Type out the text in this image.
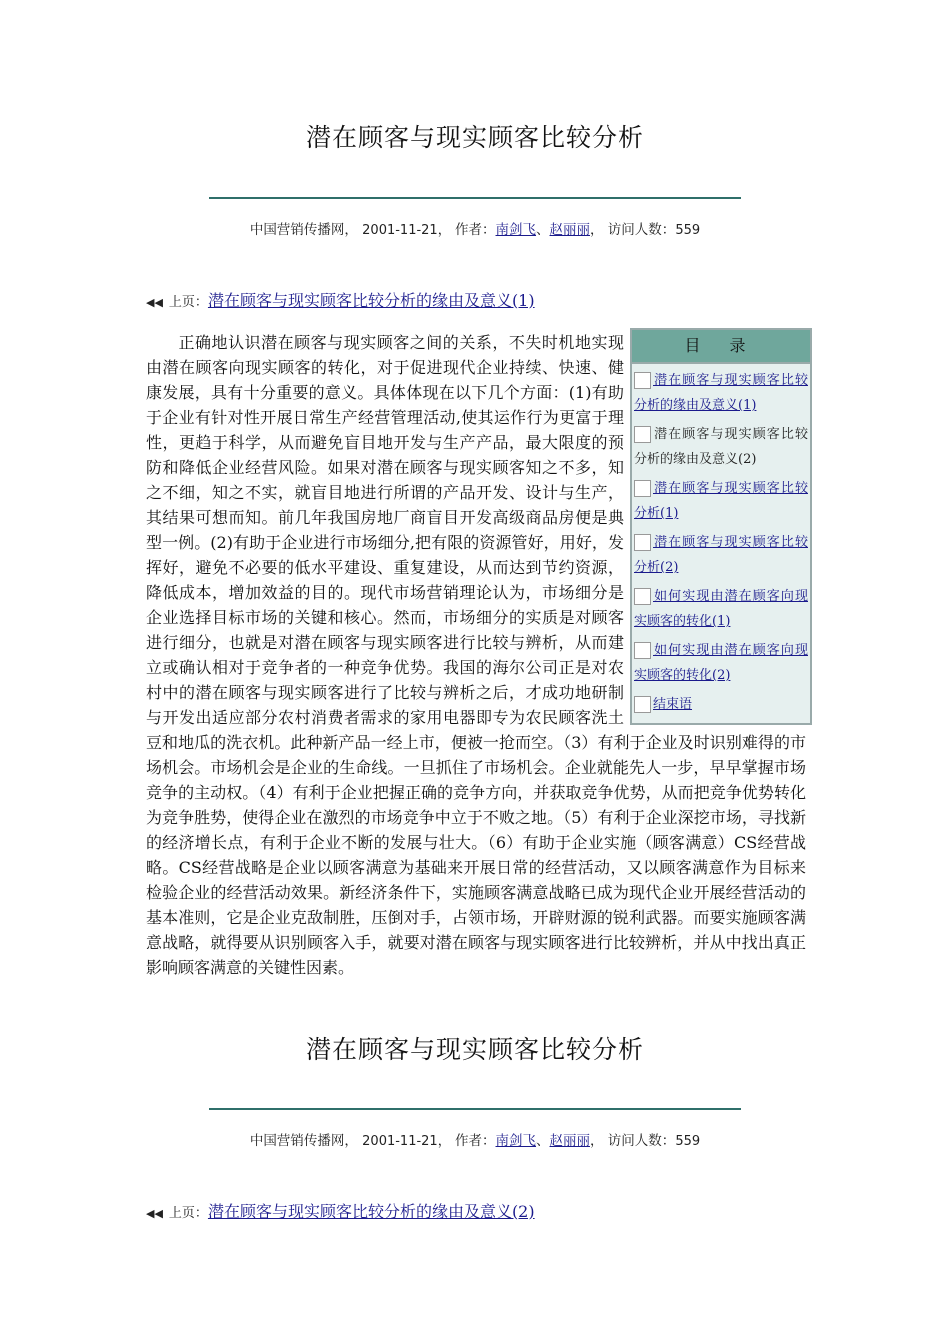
潜在顾客与现实顾客比较分析
中国营销传播网， 2001-11-21， 作者：南剑飞、赵丽丽， 访问人数：559
◀◀ 上页：潜在顾客与现实顾客比较分析的缘由及意义(1)
目 录
潜在顾客与现实顾客比较分析的缘由及意义(1)
潜在顾客与现实顾客比较分析的缘由及意义(2)
潜在顾客与现实顾客比较分析(1)
潜在顾客与现实顾客比较分析(2)
如何实现由潜在顾客向现实顾客的转化(1)
如何实现由潜在顾客向现实顾客的转化(2)
结束语
正确地认识潜在顾客与现实顾客之间的关系，不失时机地实现由潜在顾客向现实顾客的转化，对于促进现代企业持续、快速、健康发展，具有十分重要的意义。具体体现在以下几个方面：(1)有助于企业有针对性开展日常生产经营管理活动,使其运作行为更富于理性，更趋于科学，从而避免盲目地开发与生产产品，最大限度的预防和降低企业经营风险。如果对潜在顾客与现实顾客知之不多，知之不细，知之不实，就盲目地进行所谓的产品开发、设计与生产，其结果可想而知。前几年我国房地厂商盲目开发高级商品房便是典型一例。(2)有助于企业进行市场细分,把有限的资源管好，用好，发挥好，避免不必要的低水平建设、重复建设，从而达到节约资源，降低成本，增加效益的目的。现代市场营销理论认为，市场细分是企业选择目标市场的关键和核心。然而，市场细分的实质是对顾客进行细分，也就是对潜在顾客与现实顾客进行比较与辨析，从而建立或确认相对于竞争者的一种竞争优势。我国的海尔公司正是对农村中的潜在顾客与现实顾客进行了比较与辨析之后，才成功地研制与开发出适应部分农村消费者需求的家用电器即专为农民顾客洗土豆和地瓜的洗衣机。此种新产品一经上市，便被一抢而空。（3）有利于企业及时识别难得的市场机会。市场机会是企业的生命线。一旦抓住了市场机会。企业就能先人一步，早早掌握市场竞争的主动权。（4）有利于企业把握正确的竞争方向，并获取竞争优势，从而把竞争优势转化为竞争胜势，使得企业在激烈的市场竞争中立于不败之地。（5）有利于企业深挖市场，寻找新的经济增长点，有利于企业不断的发展与壮大。（6）有助于企业实施（顾客满意）CS经营战略。CS经营战略是企业以顾客满意为基础来开展日常的经营活动，又以顾客满意作为目标来检验企业的经营活动效果。新经济条件下，实施顾客满意战略已成为现代企业开展经营活动的基本准则，它是企业克敌制胜，压倒对手，占领市场，开辟财源的锐利武器。而要实施顾客满意战略，就得要从识别顾客入手，就要对潜在顾客与现实顾客进行比较辨析，并从中找出真正影响顾客满意的关键性因素。
潜在顾客与现实顾客比较分析
中国营销传播网， 2001-11-21， 作者：南剑飞、赵丽丽， 访问人数：559
◀◀ 上页：潜在顾客与现实顾客比较分析的缘由及意义(2)
